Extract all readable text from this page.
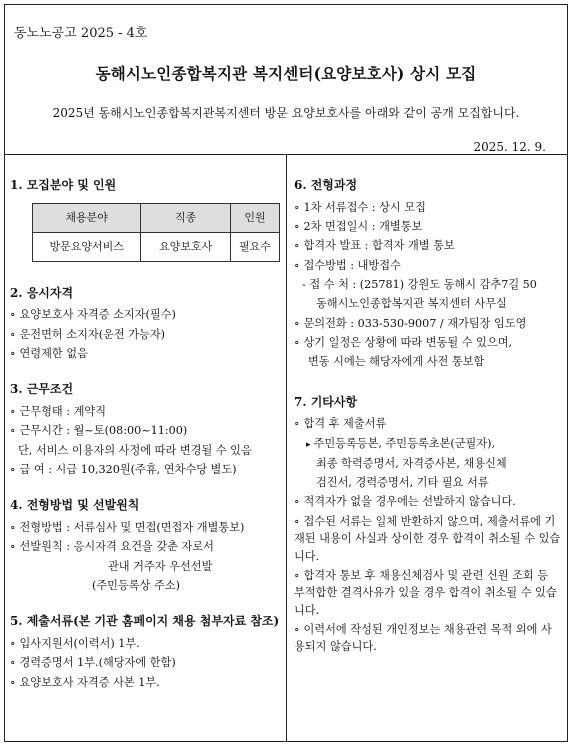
동노노공고 2025 - 4호
동해시노인종합복지관 복지센터(요양보호사) 상시 모집
2025년 동해시노인종합복지관복지센터 방문 요양보호사를 아래와 같이 공개 모집합니다.
2025. 12. 9.
1. 모집분야 및 인원
채용분야	직종	인원
방문요양서비스	요양보호사	필요수
2. 응시자격
∘ 요양보호사 자격증 소지자(필수)
∘ 운전면허 소지자(운전 가능자)
∘ 연령제한 없음
3. 근무조건
∘ 근무형태 : 계약직
∘ 근무시간 : 월~토(08:00~11:00)
단, 서비스 이용자의 사정에 따라 변경될 수 있음
∘ 급 여 : 시급 10,320원(주휴, 연차수당 별도)
4. 전형방법 및 선발원칙
∘ 전형방법 : 서류심사 및 면접(면접자 개별통보)
∘ 선발원칙 : 응시자격 요건을 갖춘 자로서
관내 거주자 우선선발
(주민등록상 주소)
5. 제출서류(본 기관 홈페이지 채용 첨부자료 참조)
∘ 입사지원서(이력서) 1부.
∘ 경력증명서 1부.(해당자에 한함)
∘ 요양보호사 자격증 사본 1부.
6. 전형과정
∘ 1차 서류접수 : 상시 모집
∘ 2차 면접일시 : 개별통보
∘ 합격자 발표 : 합격자 개별 통보
∘ 접수방법 : 내방접수
- 접 수 처 : (25781) 강원도 동해시 감추7길 50
동해시노인종합복지관 복지센터 사무실
∘ 문의전화 : 033-530-9007 / 재가팀장 임도영
∘ 상기 일정은 상황에 따라 변동될 수 있으며,
변동 시에는 해당자에게 사전 통보함
7. 기타사항
∘ 합격 후 제출서류
▸ 주민등록등본, 주민등록초본(군필자),
최종 학력증명서, 자격증사본, 채용신체
검진서, 경력증명서, 기타 필요 서류
∘ 적격자가 없을 경우에는 선발하지 않습니다.
∘ 접수된 서류는 일체 반환하지 않으며, 제출서류에 기재된 내용이 사실과 상이한 경우 합격이 취소될 수 있습니다.
∘ 합격자 통보 후 채용신체검사 및 관련 신원 조회 등 부적합한 결격사유가 있을 경우 합격이 취소될 수 있습니다.
∘ 이력서에 작성된 개인정보는 채용관련 목적 외에 사용되지 않습니다.
